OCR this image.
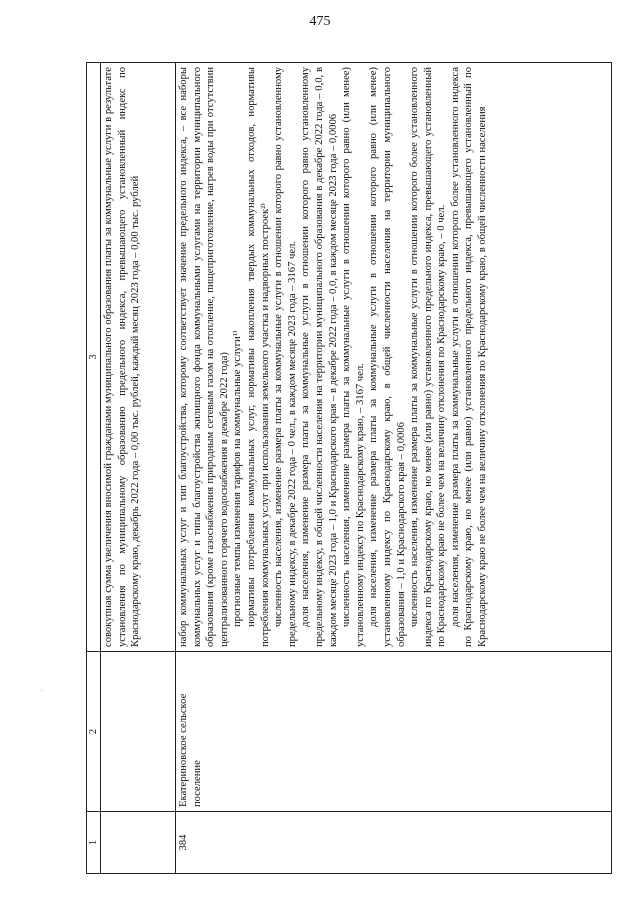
475
1
2
3 совокупная сумма увеличения вносимой гражданами муниципального образования платы за коммунальные услуги в результате установления по муниципальному образованию предельного индекса, превышающего установленный индекс по Краснодарскому краю, декабрь 2022 года – 0,00 тыс. рублей, каждый месяц 2023 года – 0,00 тыс. рублей

384
Екатериновское сельское поселение

набор коммунальных услуг и тип благоустройства, которому соответствует значение предельного индекса, – все наборы коммунальных услуг и типы благоустройства жилищного фонда коммунальными услугами на территории муниципального образования (кроме газоснабжения природным сетевым газом на отопление, пищеприготовление, нагрев воды при отсутствии централизованного горячего водоснабжения в декабре 2022 года) прогнозные темпы изменения тарифов на коммунальные услуги¹⁾ нормативы потребления коммунальных услуг, нормативы накопления твердых коммунальных отходов, нормативы потребления коммунальных услуг при использовании земельного участка и надворных построек²⁾ численность населения, изменение размера платы за коммунальные услуги в отношении которого равно установленному предельному индексу, в декабре 2022 года – 0 чел., в каждом месяце 2023 года – 3167 чел. доля населения, изменение размера платы за коммунальные услуги в отношении которого равно установленному предельному индексу, в общей численности населения на территории муниципального образования в декабре 2022 года – 0,0, в каждом месяце 2023 года – 1,0 и Краснодарского края – в декабре 2022 года – 0,0, в каждом месяце 2023 года – 0,0006 численность населения, изменение размера платы за коммунальные услуги в отношении которого равно (или менее) установленному индексу по Краснодарскому краю, – 3167 чел. доля населения, изменение размера платы за коммунальные услуги в отношении которого равно (или менее) установленному индексу по Краснодарскому краю, в общей численности населения на территории муниципального образования – 1,0 и Краснодарского края – 0,0006 численность населения, изменение размера платы за коммунальные услуги в отношении которого более установленного индекса по Краснодарскому краю, но менее (или равно) установленного предельного индекса, превышающего установленный по Краснодарскому краю не более чем на величину отклонения по Краснодарскому краю, – 0 чел. доля населения, изменение размера платы за коммунальные услуги в отношении которого более установленного индекса по Краснодарскому краю, но менее (или равно) установленного предельного индекса, превышающего установленный по Краснодарскому краю не более чем на величину отклонения по Краснодарскому краю, в общей численности населения

.
